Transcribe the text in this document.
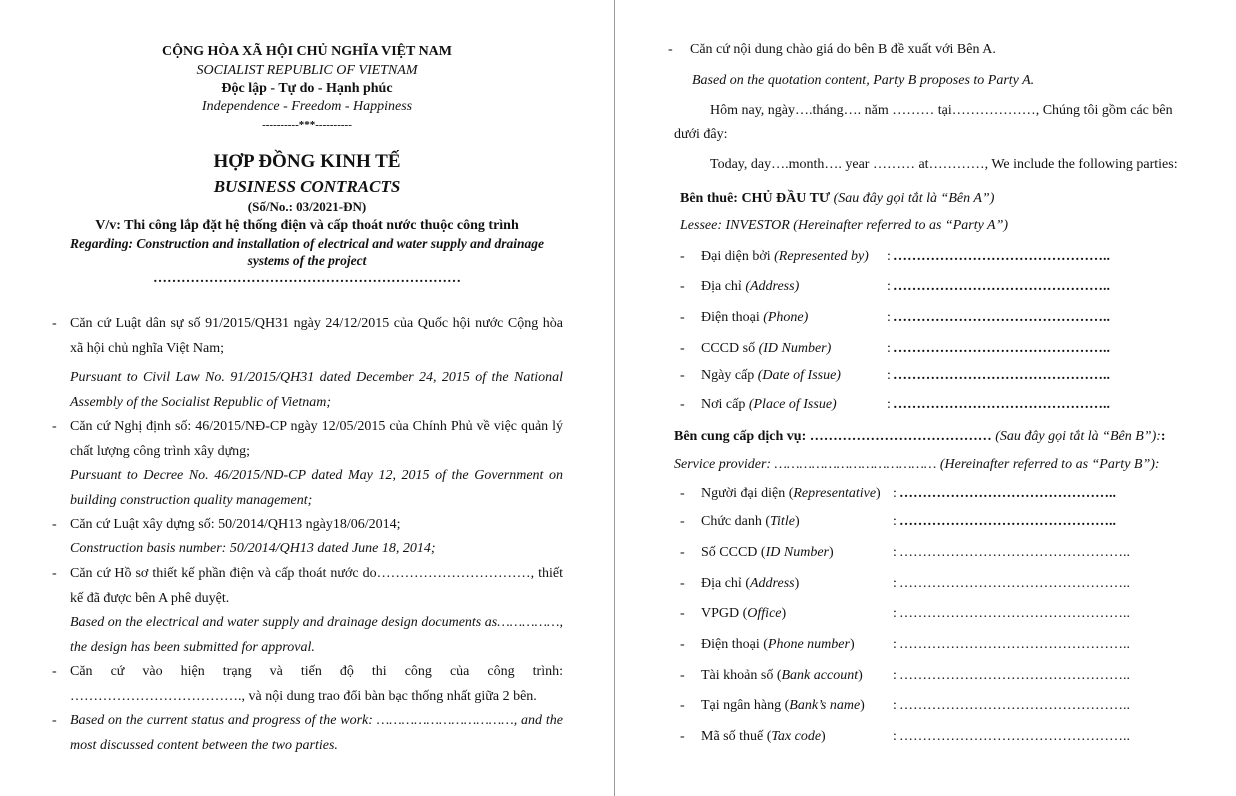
CỘNG HÒA XÃ HỘI CHỦ NGHĨA VIỆT NAM
SOCIALIST REPUBLIC OF VIETNAM
Độc lập - Tự do - Hạnh phúc
Independence - Freedom - Happiness
----------***----------
HỢP ĐỒNG KINH TẾ
BUSINESS CONTRACTS
(Số/No.: 03/2021-ĐN)
V/v: Thi công lắp đặt hệ thống điện và cấp thoát nước thuộc công trình
Regarding: Construction and installation of electrical and water supply and drainage
systems of the project
…………………………………………………………
- Căn cứ Luật dân sự số 91/2015/QH31 ngày 24/12/2015 của Quốc hội nước Cộng hòa xã hội chủ nghĩa Việt Nam;
Pursuant to Civil Law No. 91/2015/QH31 dated December 24, 2015 of the National Assembly of the Socialist Republic of Vietnam;
- Căn cứ Nghị định số: 46/2015/NĐ-CP ngày 12/05/2015 của Chính Phủ về việc quản lý chất lượng công trình xây dựng;
Pursuant to Decree No. 46/2015/ND-CP dated May 12, 2015 of the Government on building construction quality management;
- Căn cứ Luật xây dựng số: 50/2014/QH13 ngày18/06/2014;
Construction basis number: 50/2014/QH13 dated June 18, 2014;
- Căn cứ Hồ sơ thiết kế phần điện và cấp thoát nước do……………………………, thiết kế đã được bên A phê duyệt.
Based on the electrical and water supply and drainage design documents as……………, the design has been submitted for approval.
- Căn cứ vào hiện trạng và tiến độ thi công của công trình: ………………………………., và nội dung trao đổi bàn bạc thống nhất giữa 2 bên.
- Based on the current status and progress of the work: ……………………………, and the most discussed content between the two parties.
- Căn cứ nội dung chào giá do bên B đề xuất với Bên A.
Based on the quotation content, Party B proposes to Party A.
Hôm nay, ngày….tháng…. năm ……… tại………………, Chúng tôi gồm các bên
dưới đây:
Today, day….month…. year ……… at…………, We include the following parties:
Bên thuê: CHỦ ĐẦU TƯ (Sau đây gọi tắt là “Bên A”)
Lessee: INVESTOR (Hereinafter referred to as “Party A”)
- Đại diện bởi (Represented by) : ………………………………………..
- Địa chỉ (Address)	: ………………………………………..
- Điện thoại (Phone)	: ………………………………………..
- CCCD số (ID Number)	: ………………………………………..
- Ngày cấp (Date of Issue)	: ………………………………………..
- Nơi cấp (Place of Issue)	: ………………………………………..
Bên cung cấp dịch vụ: ………………………………… (Sau đây gọi tắt là “Bên B”)::
Service provider: ………………………………… (Hereinafter referred to as “Party B”):
- Người đại diện (Representative) : ………………………………………..
- Chức danh (Title)	: ………………………………………..
- Số CCCD (ID Number)	: …………………………………………..
- Địa chỉ (Address)	: …………………………………………..
- VPGD (Office)	: …………………………………………..
- Điện thoại (Phone number)	: …………………………………………..
- Tài khoản số (Bank account) : …………………………………………..
- Tại ngân hàng (Bank’s name) : …………………………………………..
- Mã số thuế (Tax code)	: …………………………………………..
